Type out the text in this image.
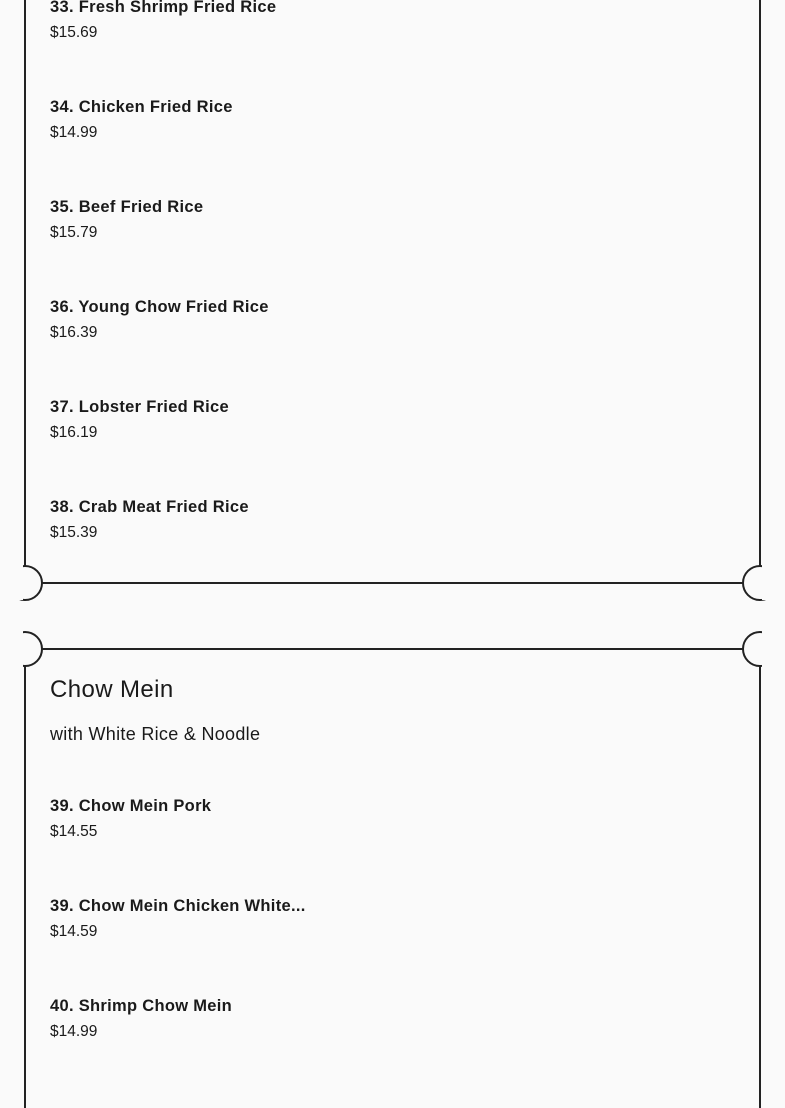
33. Fresh Shrimp Fried Rice
$15.69
34. Chicken Fried Rice
$14.99
35. Beef Fried Rice
$15.79
36. Young Chow Fried Rice
$16.39
37. Lobster Fried Rice
$16.19
38. Crab Meat Fried Rice
$15.39
Chow Mein
with White Rice & Noodle
39. Chow Mein Pork
$14.55
39. Chow Mein Chicken White...
$14.59
40. Shrimp Chow Mein
$14.99
